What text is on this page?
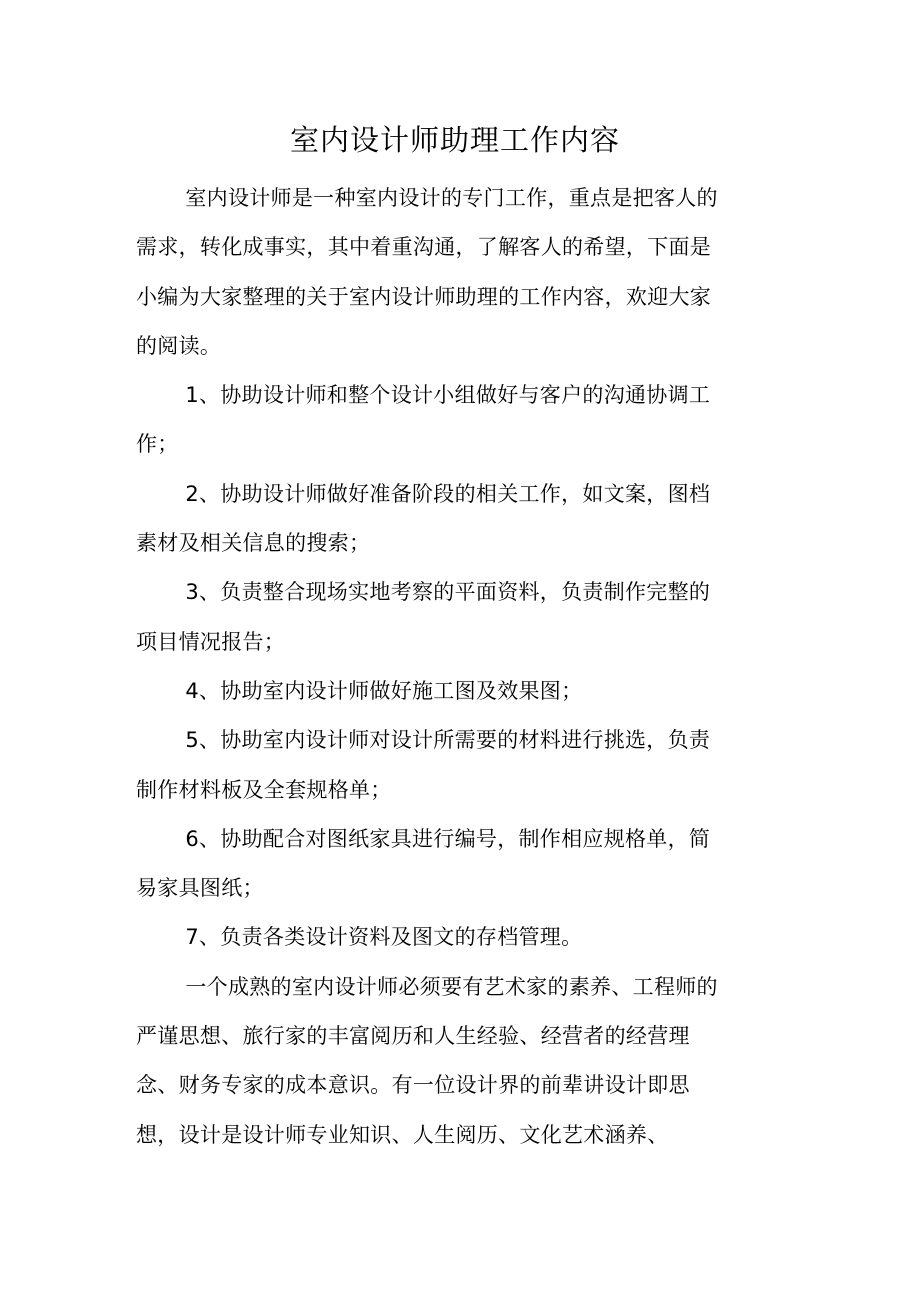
室内设计师助理工作内容

室内设计师是一种室内设计的专门工作，重点是把客人的需求，转化成事实，其中着重沟通，了解客人的希望，下面是小编为大家整理的关于室内设计师助理的工作内容，欢迎大家的阅读。

1、协助设计师和整个设计小组做好与客户的沟通协调工作；

2、协助设计师做好准备阶段的相关工作，如文案，图档素材及相关信息的搜索；

3、负责整合现场实地考察的平面资料，负责制作完整的项目情况报告；

4、协助室内设计师做好施工图及效果图；

5、协助室内设计师对设计所需要的材料进行挑选，负责制作材料板及全套规格单；

6、协助配合对图纸家具进行编号，制作相应规格单，简易家具图纸；

7、负责各类设计资料及图文的存档管理。

一个成熟的室内设计师必须要有艺术家的素养、工程师的严谨思想、旅行家的丰富阅历和人生经验、经营者的经营理念、财务专家的成本意识。有一位设计界的前辈讲设计即思想，设计是设计师专业知识、人生阅历、文化艺术涵养、
